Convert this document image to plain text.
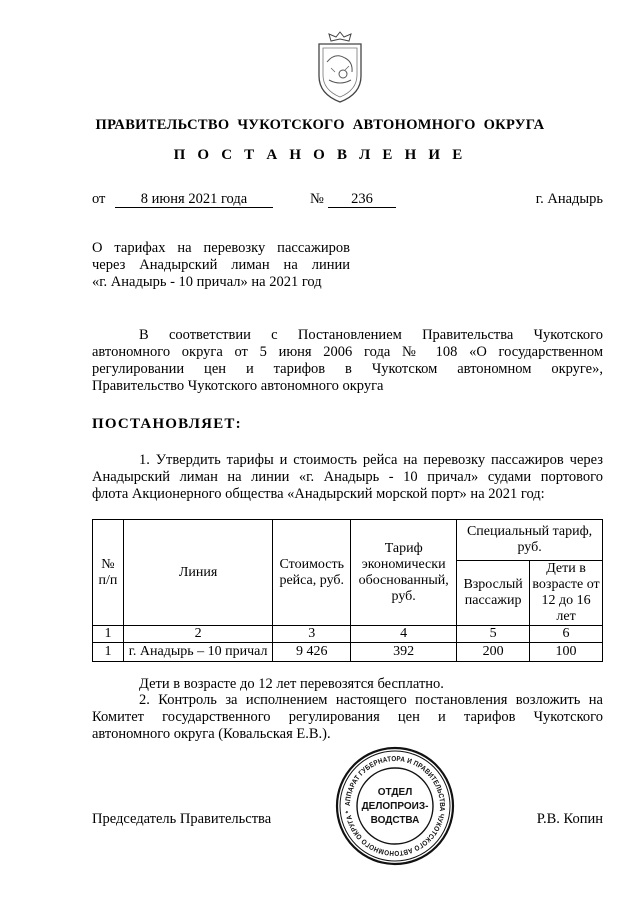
ПРАВИТЕЛЬСТВО ЧУКОТСКОГО АВТОНОМНОГО ОКРУГА
П О С Т А Н О В Л Е Н И Е
от	8 июня 2021 года	№	236	г. Анадырь
О тарифах на перевозку пассажиров
через Анадырский лиман на линии
«г. Анадырь - 10 причал» на 2021 год
В соответствии с Постановлением Правительства Чукотского
автономного округа от 5 июня 2006 года № 108 «О государственном
регулировании цен и тарифов в Чукотском автономном округе»,
Правительство Чукотского автономного округа
ПОСТАНОВЛЯЕТ:
1. Утвердить тарифы и стоимость рейса на перевозку пассажиров через
Анадырский лиман на линии «г. Анадырь - 10 причал» судами портового
флота Акционерного общества «Анадырский морской порт» на 2021 год:
№ п/п	Линия	Стоимость рейса, руб.	Тариф экономически обоснованный, руб.	Специальный тариф, руб.	
				Взрослый пассажир	Дети в возрасте от 12 до 16 лет
1	2	3	4	5	6
1	г. Анадырь – 10 причал	9 426	392	200	100
Дети в возрасте до 12 лет перевозятся бесплатно.
2. Контроль за исполнением настоящего постановления возложить на
Комитет государственного регулирования цен и тарифов Чукотского
автономного округа (Ковальская Е.В.).
Председатель Правительства	Р.В. Копин
АППАРАТ ГУБЕРНАТОРА И ПРАВИТЕЛЬСТВА ЧУКОТСКОГО АВТОНОМНОГО ОКРУГА *
ОТДЕЛ
ДЕЛОПРОИЗ-
ВОДСТВА
